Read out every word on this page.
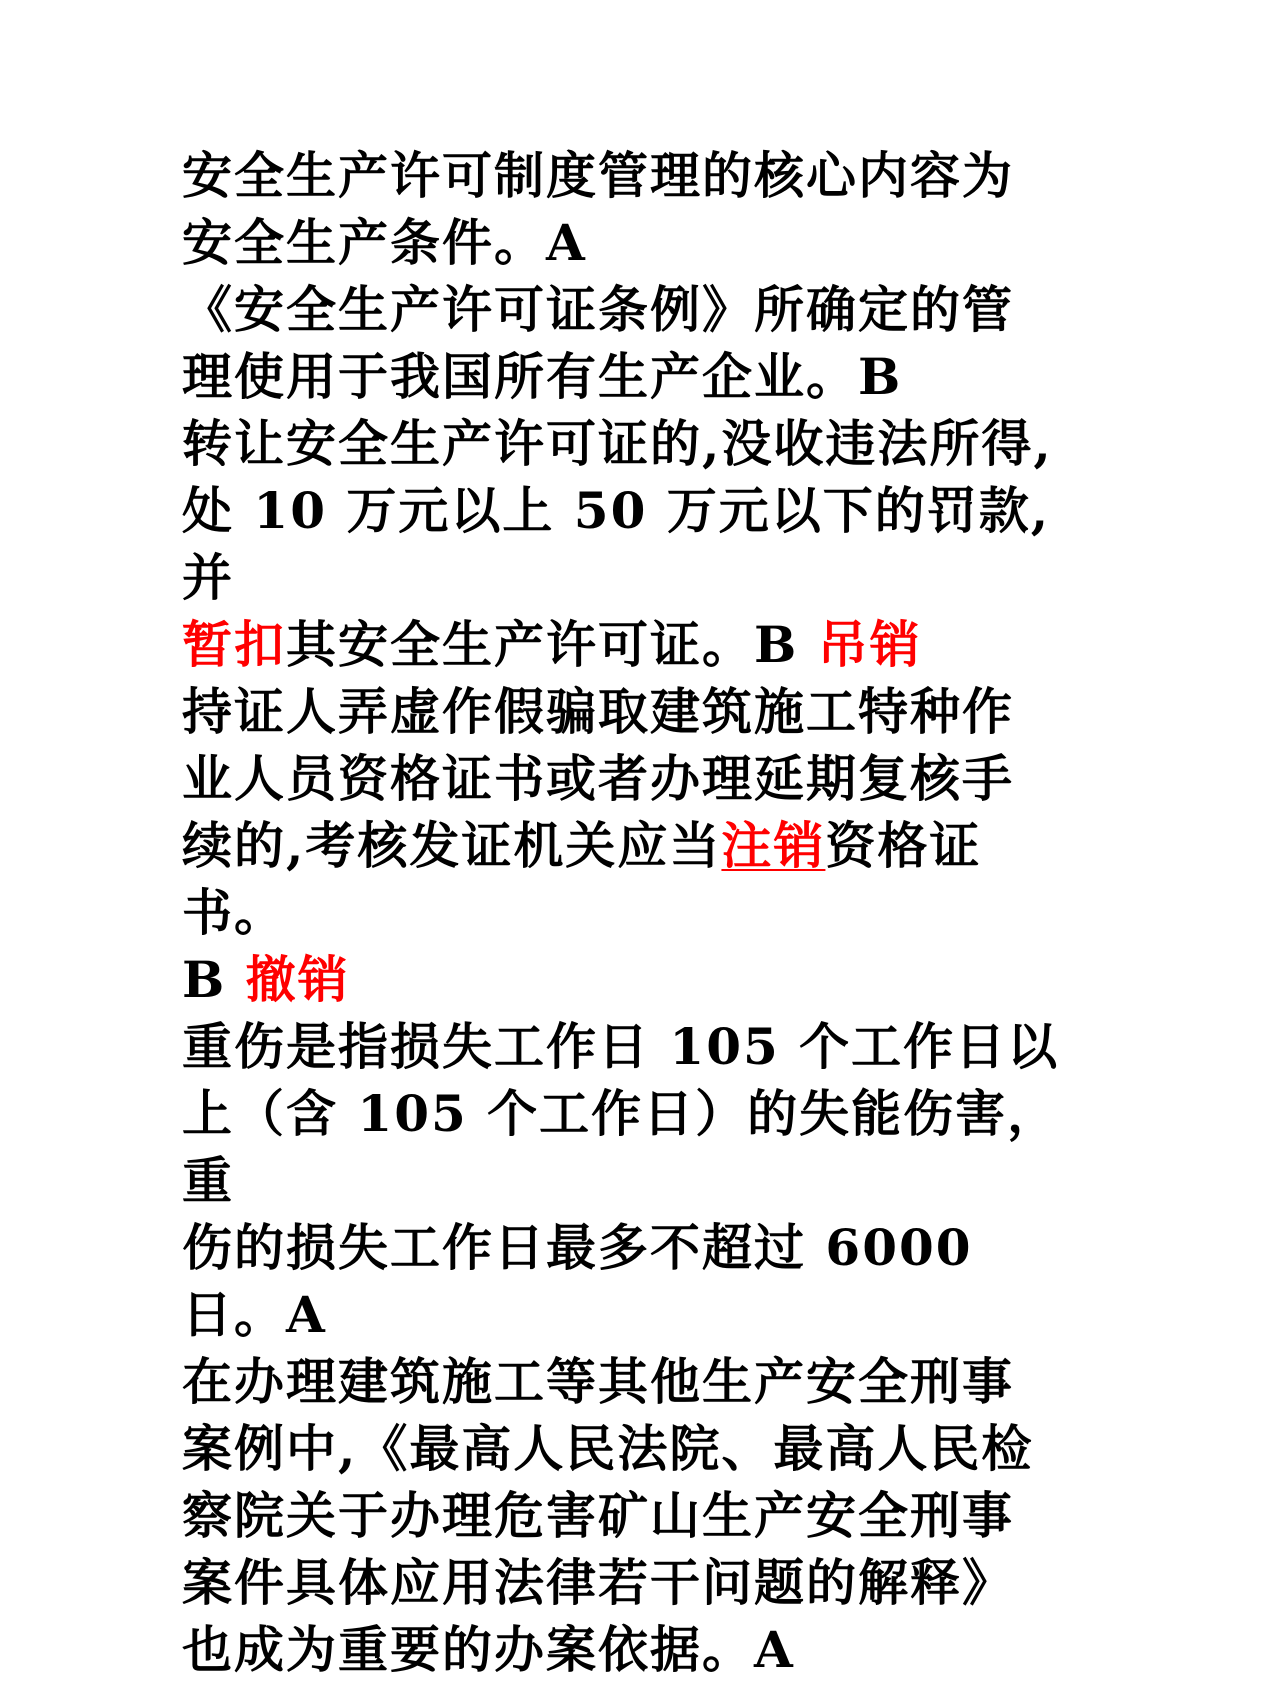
安全生产许可制度管理的核心内容为
安全生产条件。A
《安全生产许可证条例》所确定的管
理使用于我国所有生产企业。B
转让安全生产许可证的,没收违法所得,
处 10 万元以上 50 万元以下的罚款,并
暂扣其安全生产许可证。B 吊销
持证人弄虚作假骗取建筑施工特种作
业人员资格证书或者办理延期复核手
续的,考核发证机关应当注销资格证书。
B 撤销
重伤是指损失工作日 105 个工作日以
上（含 105 个工作日）的失能伤害，重
伤的损失工作日最多不超过 6000 日。A
在办理建筑施工等其他生产安全刑事
案例中,《最高人民法院、最高人民检
察院关于办理危害矿山生产安全刑事
案件具体应用法律若干问题的解释》
也成为重要的办案依据。A
